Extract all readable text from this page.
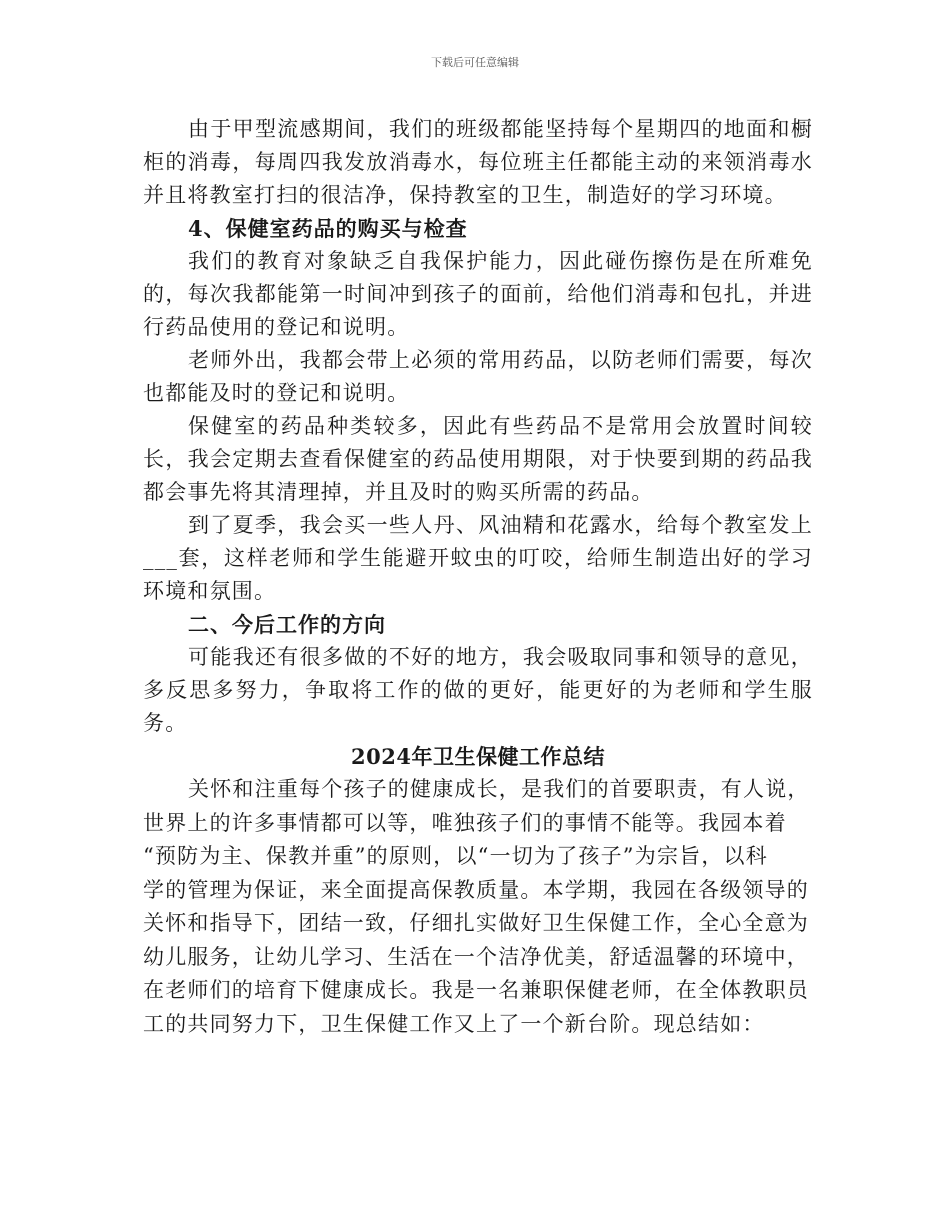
下载后可任意编辑

由于甲型流感期间，我们的班级都能坚持每个星期四的地面和橱柜的消毒，每周四我发放消毒水，每位班主任都能主动的来领消毒水并且将教室打扫的很洁净，保持教室的卫生，制造好的学习环境。

4、保健室药品的购买与检查

我们的教育对象缺乏自我保护能力，因此碰伤擦伤是在所难免的，每次我都能第一时间冲到孩子的面前，给他们消毒和包扎，并进行药品使用的登记和说明。

老师外出，我都会带上必须的常用药品，以防老师们需要，每次也都能及时的登记和说明。

保健室的药品种类较多，因此有些药品不是常用会放置时间较长，我会定期去查看保健室的药品使用期限，对于快要到期的药品我都会事先将其清理掉，并且及时的购买所需的药品。

到了夏季，我会买一些人丹、风油精和花露水，给每个教室发上___套，这样老师和学生能避开蚊虫的叮咬，给师生制造出好的学习环境和氛围。

二、今后工作的方向

可能我还有很多做的不好的地方，我会吸取同事和领导的意见，多反思多努力，争取将工作的做的更好，能更好的为老师和学生服务。

2024年卫生保健工作总结

关怀和注重每个孩子的健康成长，是我们的首要职责，有人说，
世界上的许多事情都可以等，唯独孩子们的事情不能等。我园本着
“预防为主、保教并重”的原则，以“一切为了孩子”为宗旨，以科
学的管理为保证，来全面提高保教质量。本学期，我园在各级领导的
关怀和指导下，团结一致，仔细扎实做好卫生保健工作，全心全意为
幼儿服务，让幼儿学习、生活在一个洁净优美，舒适温馨的环境中，
在老师们的培育下健康成长。我是一名兼职保健老师，在全体教职员
工的共同努力下，卫生保健工作又上了一个新台阶。现总结如：
